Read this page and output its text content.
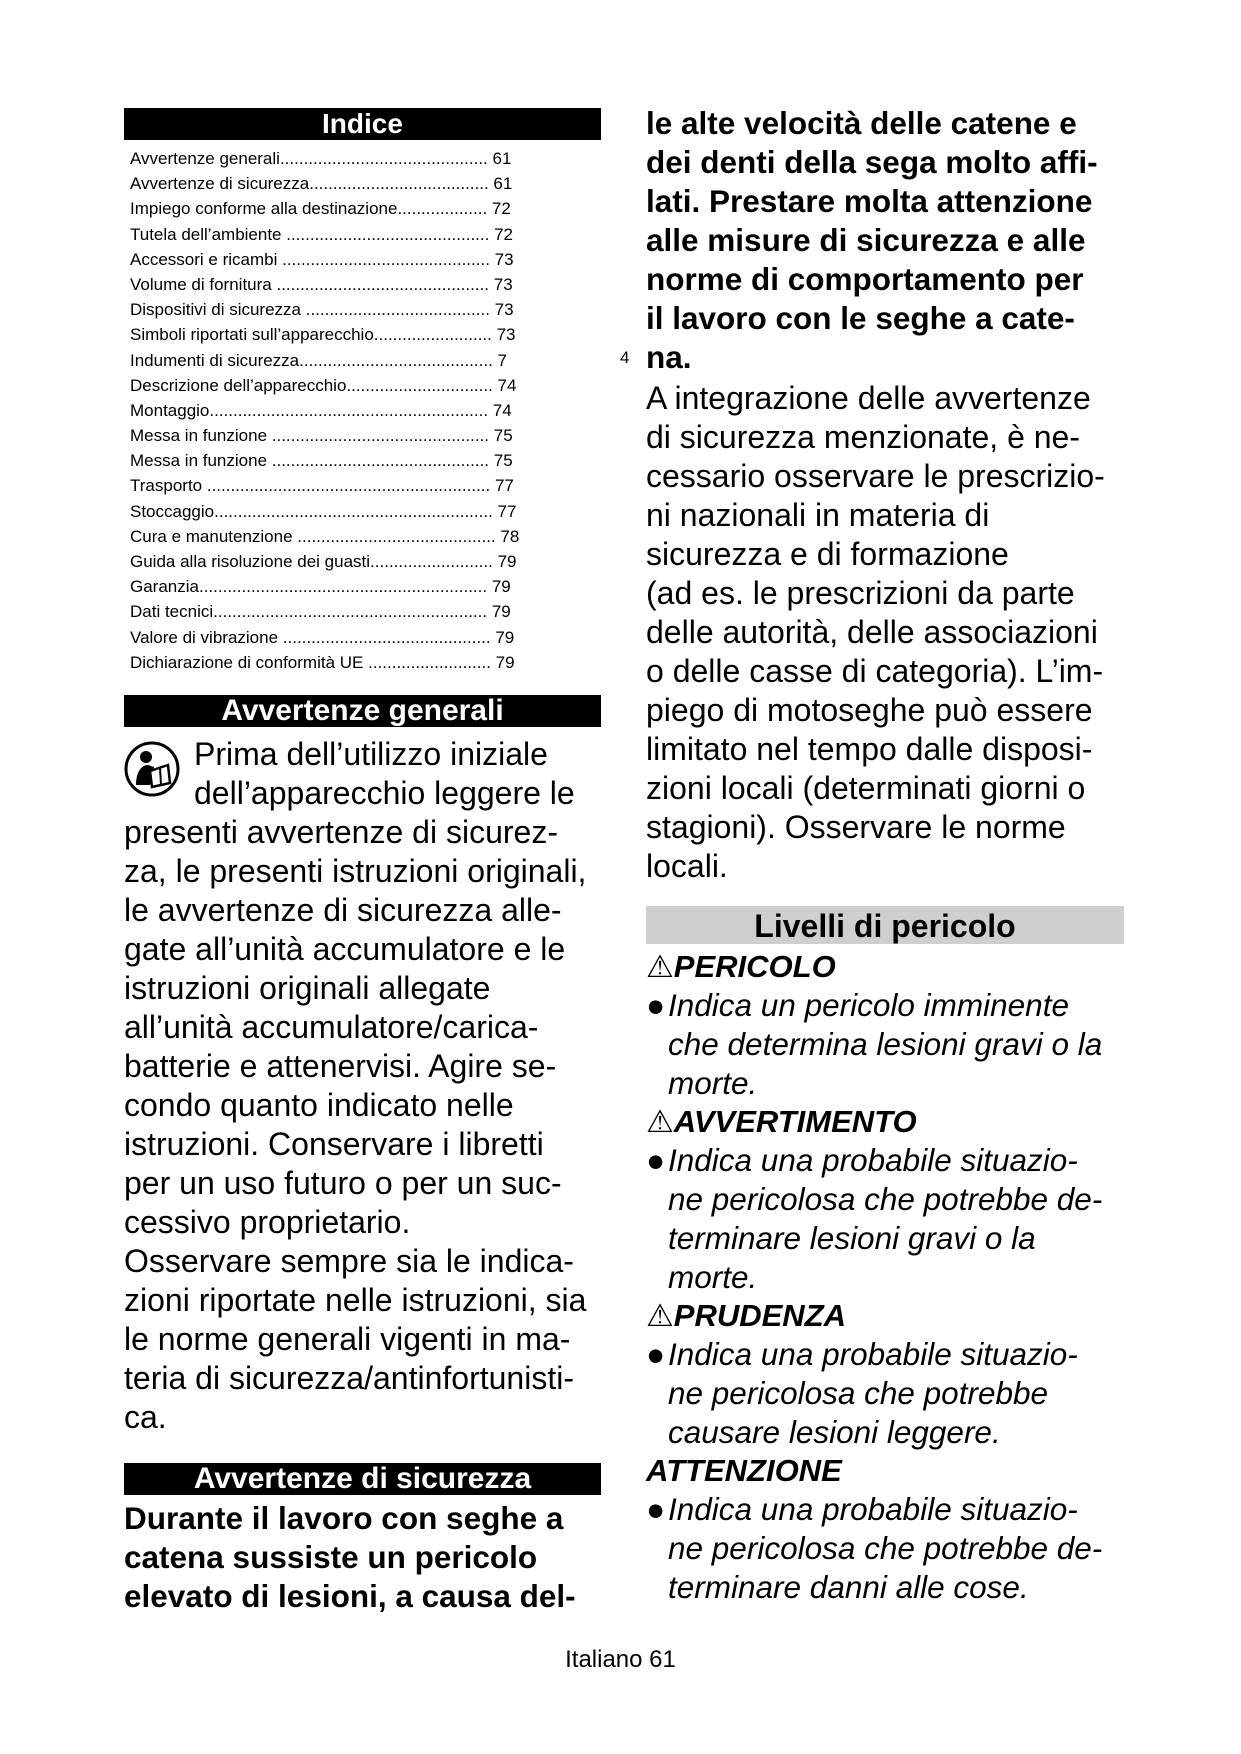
Indice
Avvertenze generali............................................ 61
Avvertenze di sicurezza...................................... 61
Impiego conforme alla destinazione................... 72
Tutela dell’ambiente ........................................... 72
Accessori e ricambi ............................................ 73
Volume di fornitura ............................................. 73
Dispositivi di sicurezza ....................................... 73
Simboli riportati sull’apparecchio......................... 73
Indumenti di sicurezza......................................... 7
Descrizione dell’apparecchio............................... 74
Montaggio........................................................... 74
Messa in funzione .............................................. 75
Messa in funzione .............................................. 75
Trasporto ............................................................ 77
Stoccaggio........................................................... 77
Cura e manutenzione .......................................... 78
Guida alla risoluzione dei guasti.......................... 79
Garanzia............................................................. 79
Dati tecnici.......................................................... 79
Valore di vibrazione ............................................ 79
Dichiarazione di conformità UE .......................... 79
Avvertenze generali
Prima dell’utilizzo iniziale
dell’apparecchio leggere le
presenti avvertenze di sicurez-
za, le presenti istruzioni originali,
le avvertenze di sicurezza alle-
gate all’unità accumulatore e le
istruzioni originali allegate
all’unità accumulatore/carica-
batterie e attenervisi. Agire se-
condo quanto indicato nelle
istruzioni. Conservare i libretti
per un uso futuro o per un suc-
cessivo proprietario.
Osservare sempre sia le indica-
zioni riportate nelle istruzioni, sia
le norme generali vigenti in ma-
teria di sicurezza/antinfortunisti-
ca.
Avvertenze di sicurezza
Durante il lavoro con seghe a
catena sussiste un pericolo
elevato di lesioni, a causa del-
le alte velocità delle catene e
dei denti della sega molto affi-
lati. Prestare molta attenzione
alle misure di sicurezza e alle
norme di comportamento per
il lavoro con le seghe a cate-
na.
A integrazione delle avvertenze
di sicurezza menzionate, è ne-
cessario osservare le prescrizio-
ni nazionali in materia di
sicurezza e di formazione
(ad es. le prescrizioni da parte
delle autorità, delle associazioni
o delle casse di categoria). L’im-
piego di motoseghe può essere
limitato nel tempo dalle disposi-
zioni locali (determinati giorni o
stagioni). Osservare le norme
locali.
Livelli di pericolo
⚠PERICOLO
● Indica un pericolo imminente
che determina lesioni gravi o la
morte.
⚠AVVERTIMENTO
● Indica una probabile situazio-
ne pericolosa che potrebbe de-
terminare lesioni gravi o la
morte.
⚠PRUDENZA
● Indica una probabile situazio-
ne pericolosa che potrebbe
causare lesioni leggere.
ATTENZIONE
● Indica una probabile situazio-
ne pericolosa che potrebbe de-
terminare danni alle cose.
4
Italiano 61
